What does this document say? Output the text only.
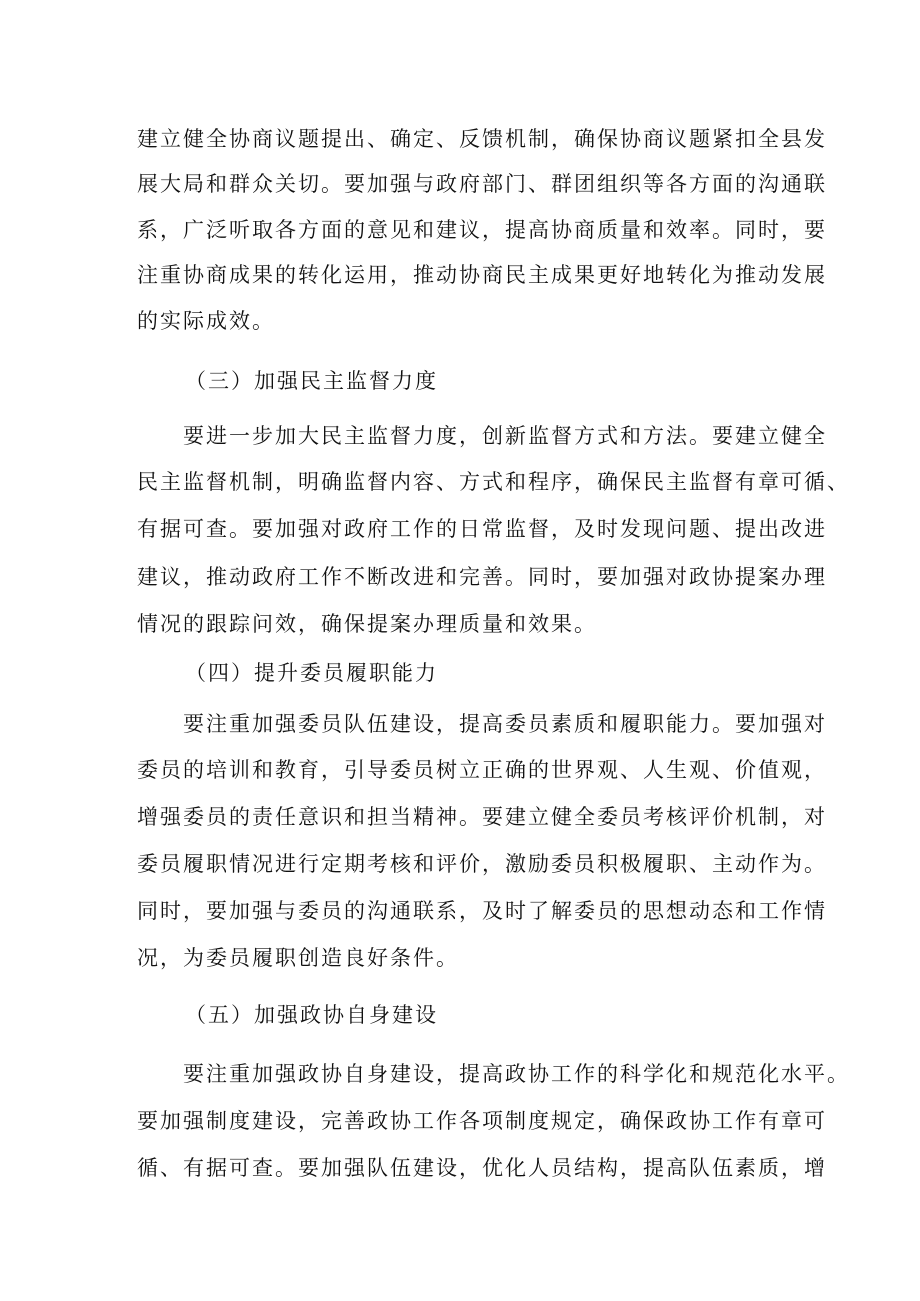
建立健全协商议题提出、确定、反馈机制，确保协商议题紧扣全县发
展大局和群众关切。要加强与政府部门、群团组织等各方面的沟通联
系，广泛听取各方面的意见和建议，提高协商质量和效率。同时，要
注重协商成果的转化运用，推动协商民主成果更好地转化为推动发展
的实际成效。
（三）加强民主监督力度
要进一步加大民主监督力度，创新监督方式和方法。要建立健全
民主监督机制，明确监督内容、方式和程序，确保民主监督有章可循、
有据可查。要加强对政府工作的日常监督，及时发现问题、提出改进
建议，推动政府工作不断改进和完善。同时，要加强对政协提案办理
情况的跟踪问效，确保提案办理质量和效果。
（四）提升委员履职能力
要注重加强委员队伍建设，提高委员素质和履职能力。要加强对
委员的培训和教育，引导委员树立正确的世界观、人生观、价值观，
增强委员的责任意识和担当精神。要建立健全委员考核评价机制，对
委员履职情况进行定期考核和评价，激励委员积极履职、主动作为。
同时，要加强与委员的沟通联系，及时了解委员的思想动态和工作情
况，为委员履职创造良好条件。
（五）加强政协自身建设
要注重加强政协自身建设，提高政协工作的科学化和规范化水平。
要加强制度建设，完善政协工作各项制度规定，确保政协工作有章可
循、有据可查。要加强队伍建设，优化人员结构，提高队伍素质，增
